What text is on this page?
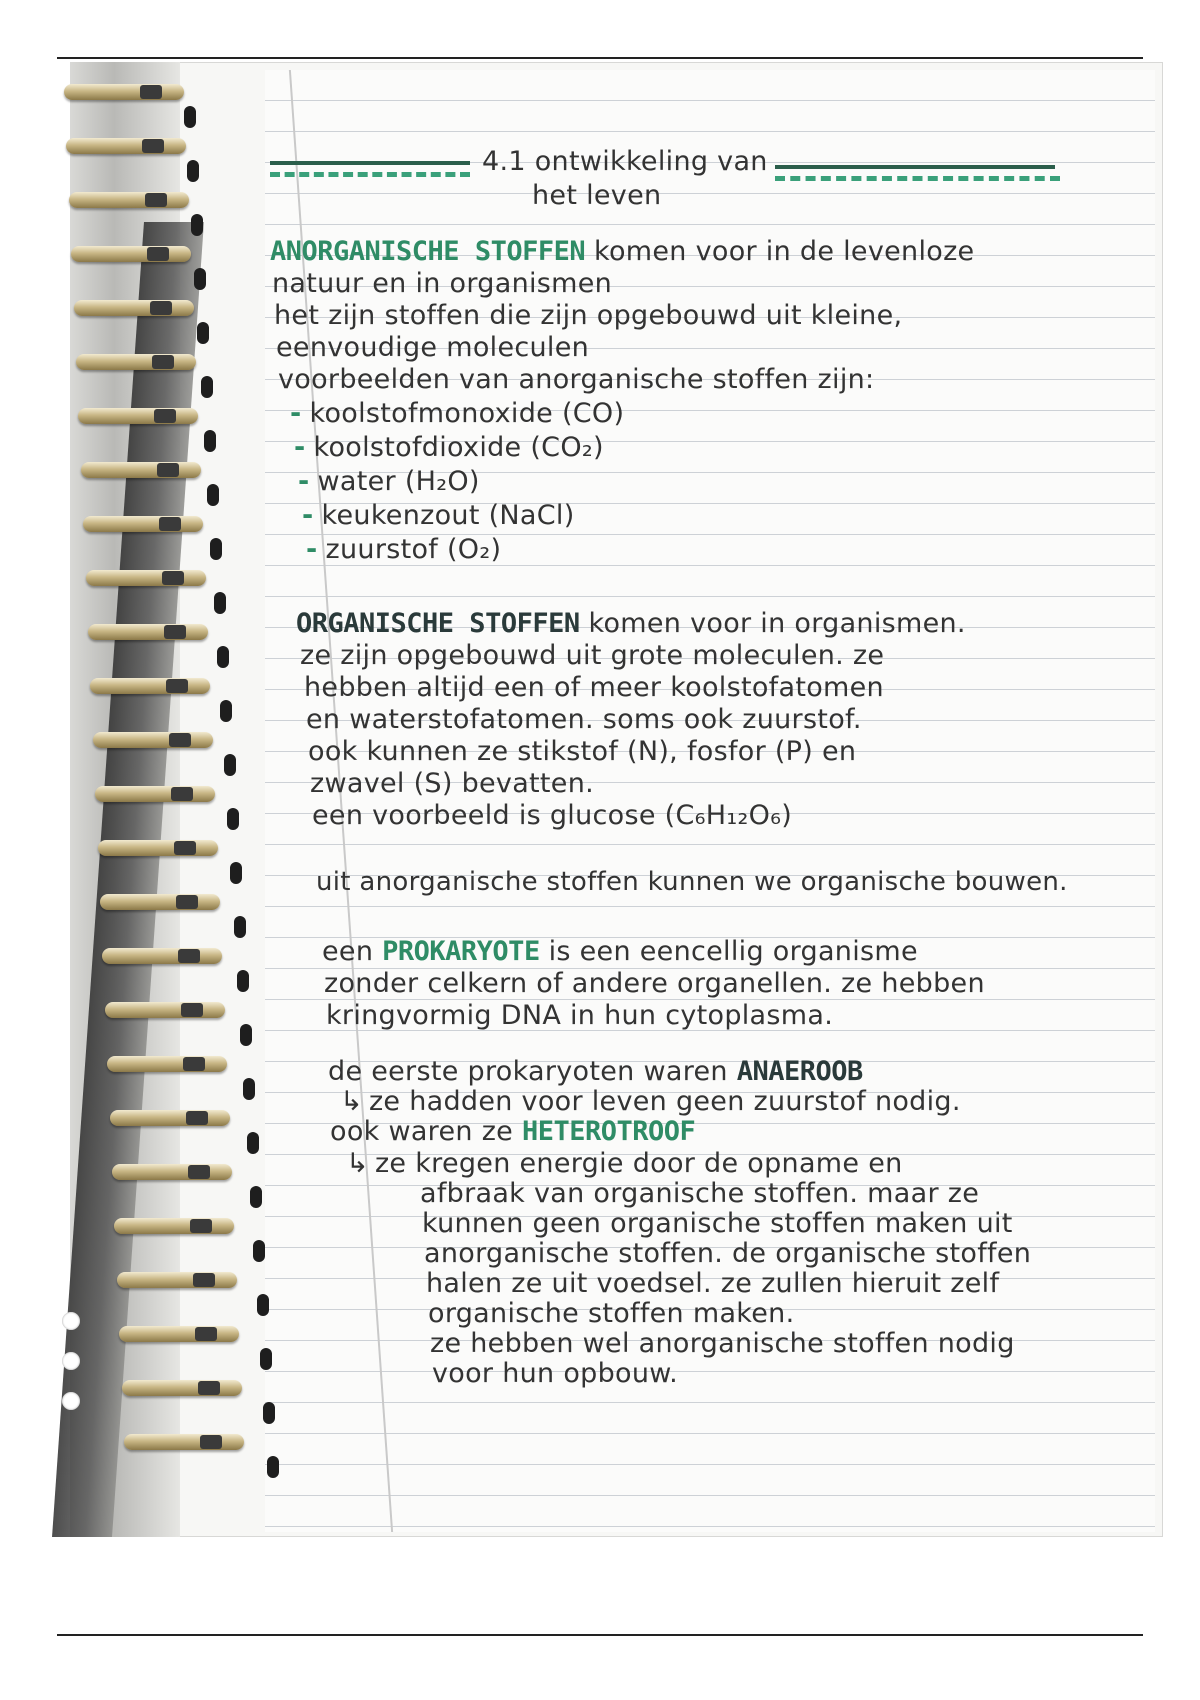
4.1 ontwikkeling van
het leven
ANORGANISCHE STOFFEN komen voor in de levenloze
natuur en in organismen
het zijn stoffen die zijn opgebouwd uit kleine,
eenvoudige moleculen
voorbeelden van anorganische stoffen zijn:
- koolstofmonoxide (CO)
- koolstofdioxide (CO₂)
- water (H₂O)
- keukenzout (NaCl)
- zuurstof (O₂)
ORGANISCHE STOFFEN komen voor in organismen.
ze zijn opgebouwd uit grote moleculen. ze
hebben altijd een of meer koolstofatomen
en waterstofatomen. soms ook zuurstof.
ook kunnen ze stikstof (N), fosfor (P) en
zwavel (S) bevatten.
een voorbeeld is glucose (C₆H₁₂O₆)
uit anorganische stoffen kunnen we organische bouwen.
een PROKARYOTE is een eencellig organisme
zonder celkern of andere organellen. ze hebben
kringvormig DNA in hun cytoplasma.
de eerste prokaryoten waren ANAEROOB
↳ ze hadden voor leven geen zuurstof nodig.
ook waren ze HETEROTROOF
↳ ze kregen energie door de opname en
afbraak van organische stoffen. maar ze
kunnen geen organische stoffen maken uit
anorganische stoffen. de organische stoffen
halen ze uit voedsel. ze zullen hieruit zelf
organische stoffen maken.
ze hebben wel anorganische stoffen nodig
voor hun opbouw.
